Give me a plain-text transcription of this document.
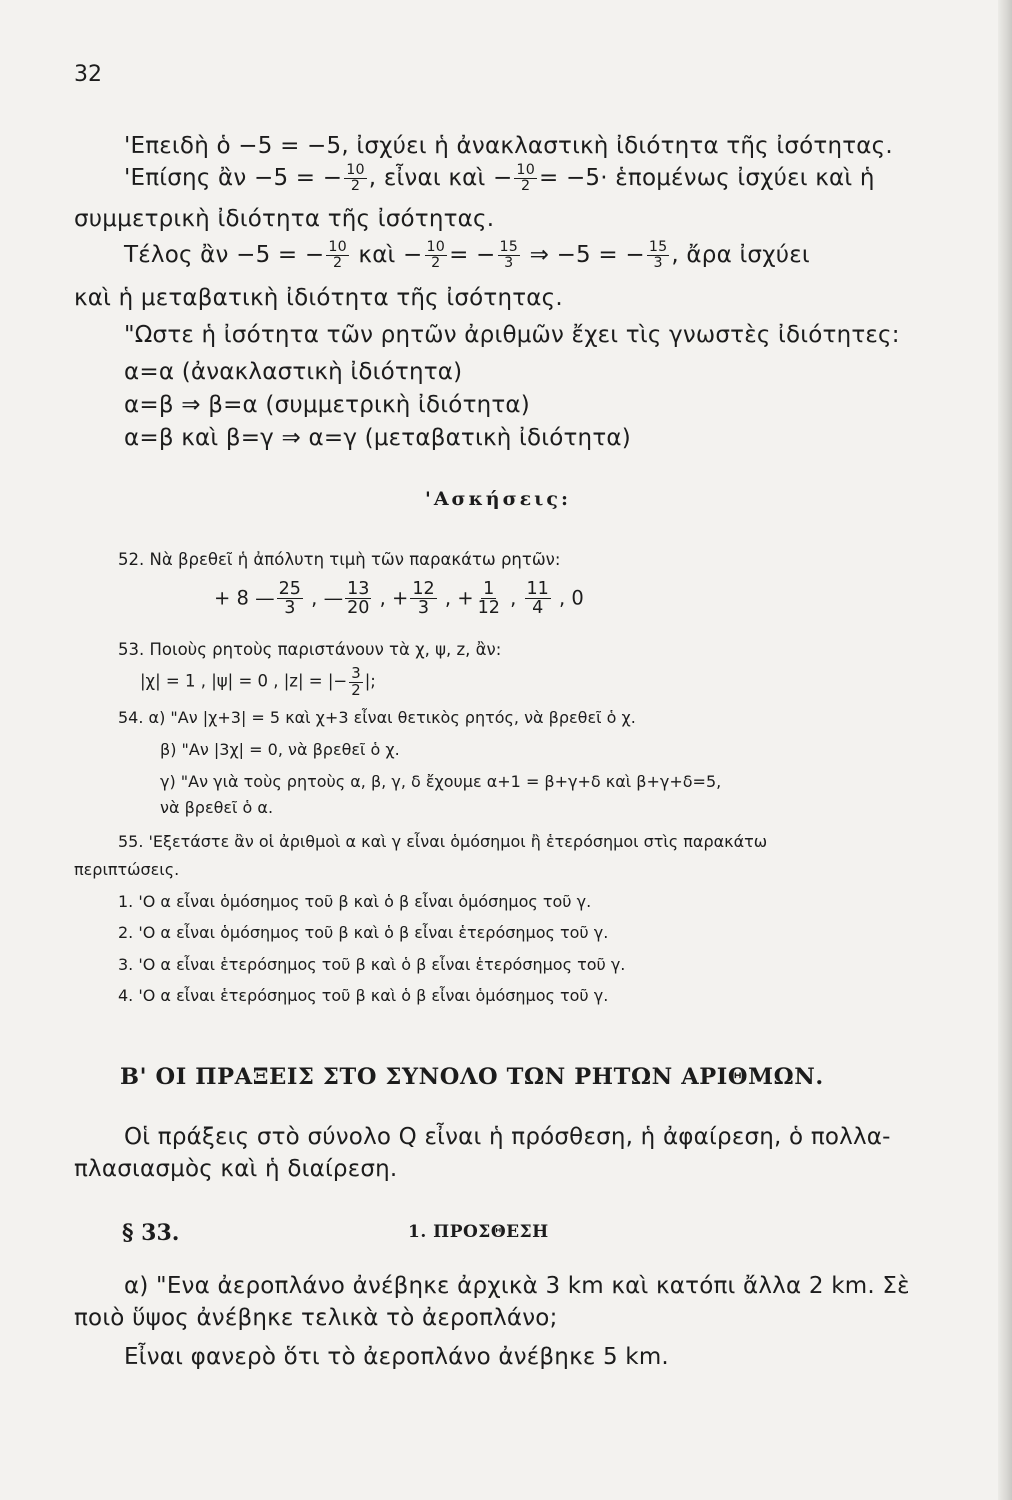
32
'Επειδὴ ὁ −5 = −5, ἰσχύει ἡ ἀνακλαστικὴ ἰδιότητα τῆς ἰσότητας.
'Επίσης ἂν −5 = − $\frac{10}{2}$ , εἶναι καὶ − $\frac{10}{2} = -5\cdot$ ἑπομένως ἰσχύει καὶ ἡ
συμμετρικὴ ἰδιότητα τῆς ἰσότητας.
Τέλος ἂν −5 = − $\frac{10}{2}$ καὶ − $\frac{10}{2}$ = − $\frac{15}{3}$ ⇒ −5 = − $\frac{15}{3}$ , ἄρα ἰσχύει
καὶ ἡ μεταβατικὴ ἰδιότητα τῆς ἰσότητας.
"Ωστε ἡ ἰσότητα τῶν ρητῶν ἀριθμῶν ἔχει τὶς γνωστὲς ἰδιότητες:
α=α (ἀνακλαστικὴ ἰδιότητα)
α=β ⇒ β=α (συμμετρικὴ ἰδιότητα)
α=β καὶ β=γ ⇒ α=γ (μεταβατικὴ ἰδιότητα)
'Ασκήσεις:
52. Νὰ βρεθεῖ ἡ ἀπόλυτη τιμὴ τῶν παρακάτω ρητῶν:
+ 8 — $\frac{25}{3}$ , — $\frac{13}{20}$ , + $\frac{12}{3}$ , + $\frac{1}{12}$ , $\frac{11}{4}$ , 0
53. Ποιοὺς ρητοὺς παριστάνουν τὰ χ, ψ, z, ἂν:
|χ| = 1 , |ψ| = 0 , |z| = |− $\frac{3}{2}$ |;
54. α) "Αν |χ+3| = 5 καὶ χ+3 εἶναι θετικὸς ρητός, νὰ βρεθεῖ ὁ χ.
β) "Αν |3χ| = 0, νὰ βρεθεῖ ὁ χ.
γ) "Αν γιὰ τοὺς ρητοὺς α, β, γ, δ ἔχουμε α+1 = β+γ+δ καὶ β+γ+δ=5,
νὰ βρεθεῖ ὁ α.
55. 'Εξετάστε ἂν οἱ ἀριθμοὶ α καὶ γ εἶναι ὁμόσημοι ἢ ἑτερόσημοι στὶς παρακάτω
περιπτώσεις.
1. 'Ο α εἶναι ὁμόσημος τοῦ β καὶ ὁ β εἶναι ὁμόσημος τοῦ γ.
2. 'Ο α εἶναι ὁμόσημος τοῦ β καὶ ὁ β εἶναι ἑτερόσημος τοῦ γ.
3. 'Ο α εἶναι ἑτερόσημος τοῦ β καὶ ὁ β εἶναι ἑτερόσημος τοῦ γ.
4. 'Ο α εἶναι ἑτερόσημος τοῦ β καὶ ὁ β εἶναι ὁμόσημος τοῦ γ.
Β' ΟΙ ΠΡΑΞΕΙΣ ΣΤΟ ΣΥΝΟΛΟ ΤΩΝ ΡΗΤΩΝ ΑΡΙΘΜΩΝ.
Οἱ πράξεις στὸ σύνολο Q εἶναι ἡ πρόσθεση, ἡ ἀφαίρεση, ὁ πολλα-
πλασιασμὸς καὶ ἡ διαίρεση.
§ 33.	1. ΠΡΟΣΘΕΣΗ
α) "Ενα ἀεροπλάνο ἀνέβηκε ἀρχικὰ 3 km καὶ κατόπι ἄλλα 2 km. Σὲ
ποιὸ ὕψος ἀνέβηκε τελικὰ τὸ ἀεροπλάνο;
Εἶναι φανερὸ ὅτι τὸ ἀεροπλάνο ἀνέβηκε 5 km.
